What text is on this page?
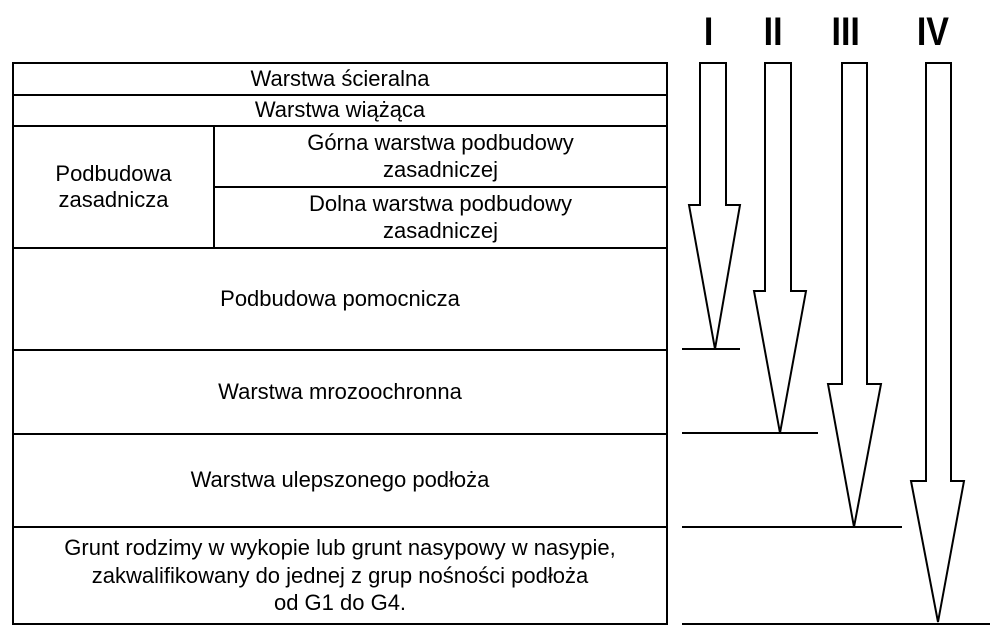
Warstwa ścieralna
Warstwa wiążąca
Podbudowa
zasadnicza
Górna warstwa podbudowy
zasadniczej
Dolna warstwa podbudowy
zasadniczej
Podbudowa pomocnicza
Warstwa mrozoochronna
Warstwa ulepszonego podłoża
Grunt rodzimy w wykopie lub grunt nasypowy w nasypie,
zakwalifikowany do jednej z grup nośności podłoża
od G1 do G4.
I II III IV
